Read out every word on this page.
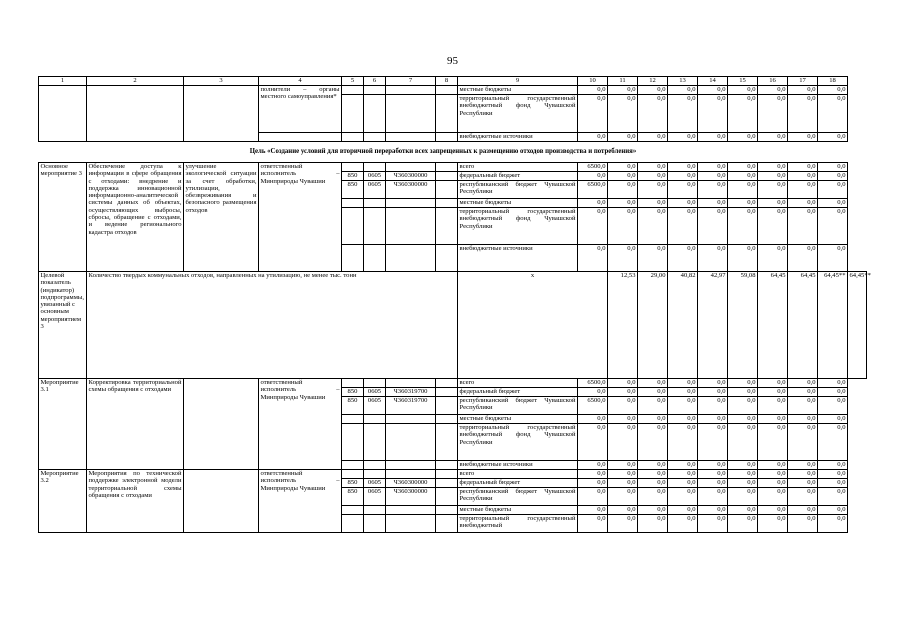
95
1	2	3	4	5	6	7	8	9	10	11	12	13	14	15	16	17	18	
			полнители – органы местного самоуправления*					местные бюджеты	0,0	0,0	0,0	0,0	0,0	0,0	0,0	0,0	0,0	
								территориальный государственный внебюджетный фонд Чувашской Республики	0,0	0,0	0,0	0,0	0,0	0,0	0,0	0,0	0,0	
								внебюджетные источники	0,0	0,0	0,0	0,0	0,0	0,0	0,0	0,0	0,0	
Цель «Создание условий для вторичной переработки всех запрещенных к размещению отходов производства и потребления»																		
Основное мероприятие 3	Обеспечение доступа к информации в сфере обращения с отходами: внедрение и поддержка инновационной информационно-аналитической системы данных об объектах, осуществляющих выбросы, сбросы, обращение с отходами, и ведение регионального кадастра отходов	улучшение экологической ситуации за счет обработки, утилизации, обезвреживания и безопасного размещения отходов	ответственный исполнитель – Минприроды Чувашии					всего	6500,0	0,0	0,0	0,0	0,0	0,0	0,0	0,0	0,0	
				850	0605	Ч360300000		федеральный бюджет	0,0	0,0	0,0	0,0	0,0	0,0	0,0	0,0	0,0	
				850	0605	Ч360300000		республиканский бюджет Чувашской Республики	6500,0	0,0	0,0	0,0	0,0	0,0	0,0	0,0	0,0	
								местные бюджеты	0,0	0,0	0,0	0,0	0,0	0,0	0,0	0,0	0,0	
								территориальный государственный внебюджетный фонд Чувашской Республики	0,0	0,0	0,0	0,0	0,0	0,0	0,0	0,0	0,0	
								внебюджетные источники	0,0	0,0	0,0	0,0	0,0	0,0	0,0	0,0	0,0	
Целевой показатель (индикатор) подпрограммы, увязанный с основным мероприятием 3	Количество твердых коммунальных отходов, направленных на утилизацию, не менее тыс. тонн							x		12,53	29,00	40,82	42,97	59,08	64,45	64,45	64,45**	64,45**
Мероприятие 3.1	Корректировка территориальной схемы обращения с отходами		ответственный исполнитель – Минприроды Чувашии					всего	6500,0	0,0	0,0	0,0	0,0	0,0	0,0	0,0	0,0	
				850	0605	Ч360319700		федеральный бюджет	0,0	0,0	0,0	0,0	0,0	0,0	0,0	0,0	0,0	
				850	0605	Ч360319700		республиканский бюджет Чувашской Республики	6500,0	0,0	0,0	0,0	0,0	0,0	0,0	0,0	0,0	
								местные бюджеты	0,0	0,0	0,0	0,0	0,0	0,0	0,0	0,0	0,0	
								территориальный государственный внебюджетный фонд Чувашской Республики	0,0	0,0	0,0	0,0	0,0	0,0	0,0	0,0	0,0	
								внебюджетные источники	0,0	0,0	0,0	0,0	0,0	0,0	0,0	0,0	0,0	
Мероприятие 3.2	Мероприятия по технической поддержке электронной модели территориальной схемы обращения с отходами		ответственный исполнитель – Минприроды Чувашии					всего	0,0	0,0	0,0	0,0	0,0	0,0	0,0	0,0	0,0	
				850	0605	Ч360300000		федеральный бюджет	0,0	0,0	0,0	0,0	0,0	0,0	0,0	0,0	0,0	
				850	0605	Ч360300000		республиканский бюджет Чувашской Республики	0,0	0,0	0,0	0,0	0,0	0,0	0,0	0,0	0,0	
								местные бюджеты	0,0	0,0	0,0	0,0	0,0	0,0	0,0	0,0	0,0	
								территориальный государственный внебюджетный	0,0	0,0	0,0	0,0	0,0	0,0	0,0	0,0	0,0	
